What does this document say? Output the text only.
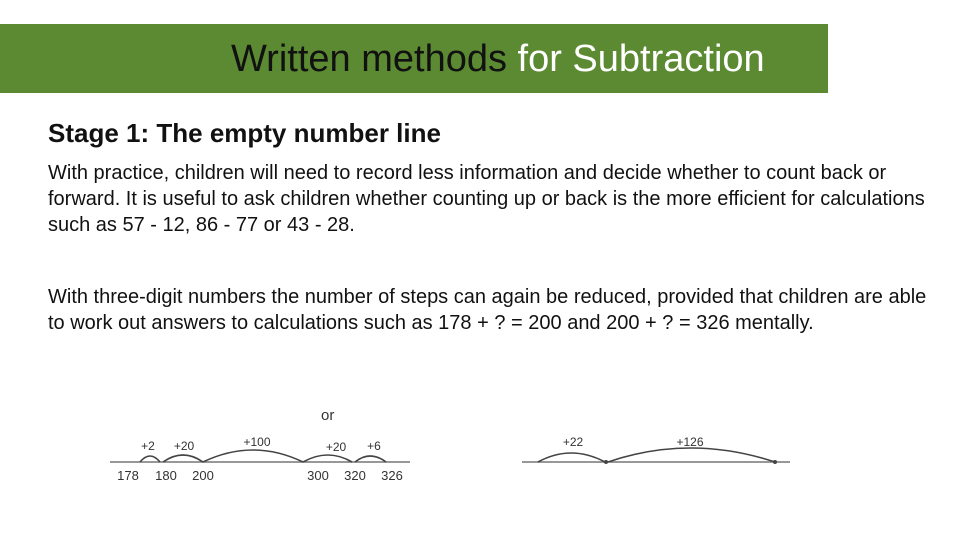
Written methods for Subtraction
Stage 1: The empty number line

With practice, children will need to record less information and decide whether to count back or forward. It is useful to ask children whether counting up or back is the more efficient for calculations such as 57 - 12, 86 - 77 or 43 - 28.

With three-digit numbers the number of steps can again be reduced, provided that children are able to work out answers to calculations such as 178 + ? = 200 and 200 + ? = 326 mentally.

or
+2 +20	+100	+20 +6
178 180 200	300 320 326
+22	+126
